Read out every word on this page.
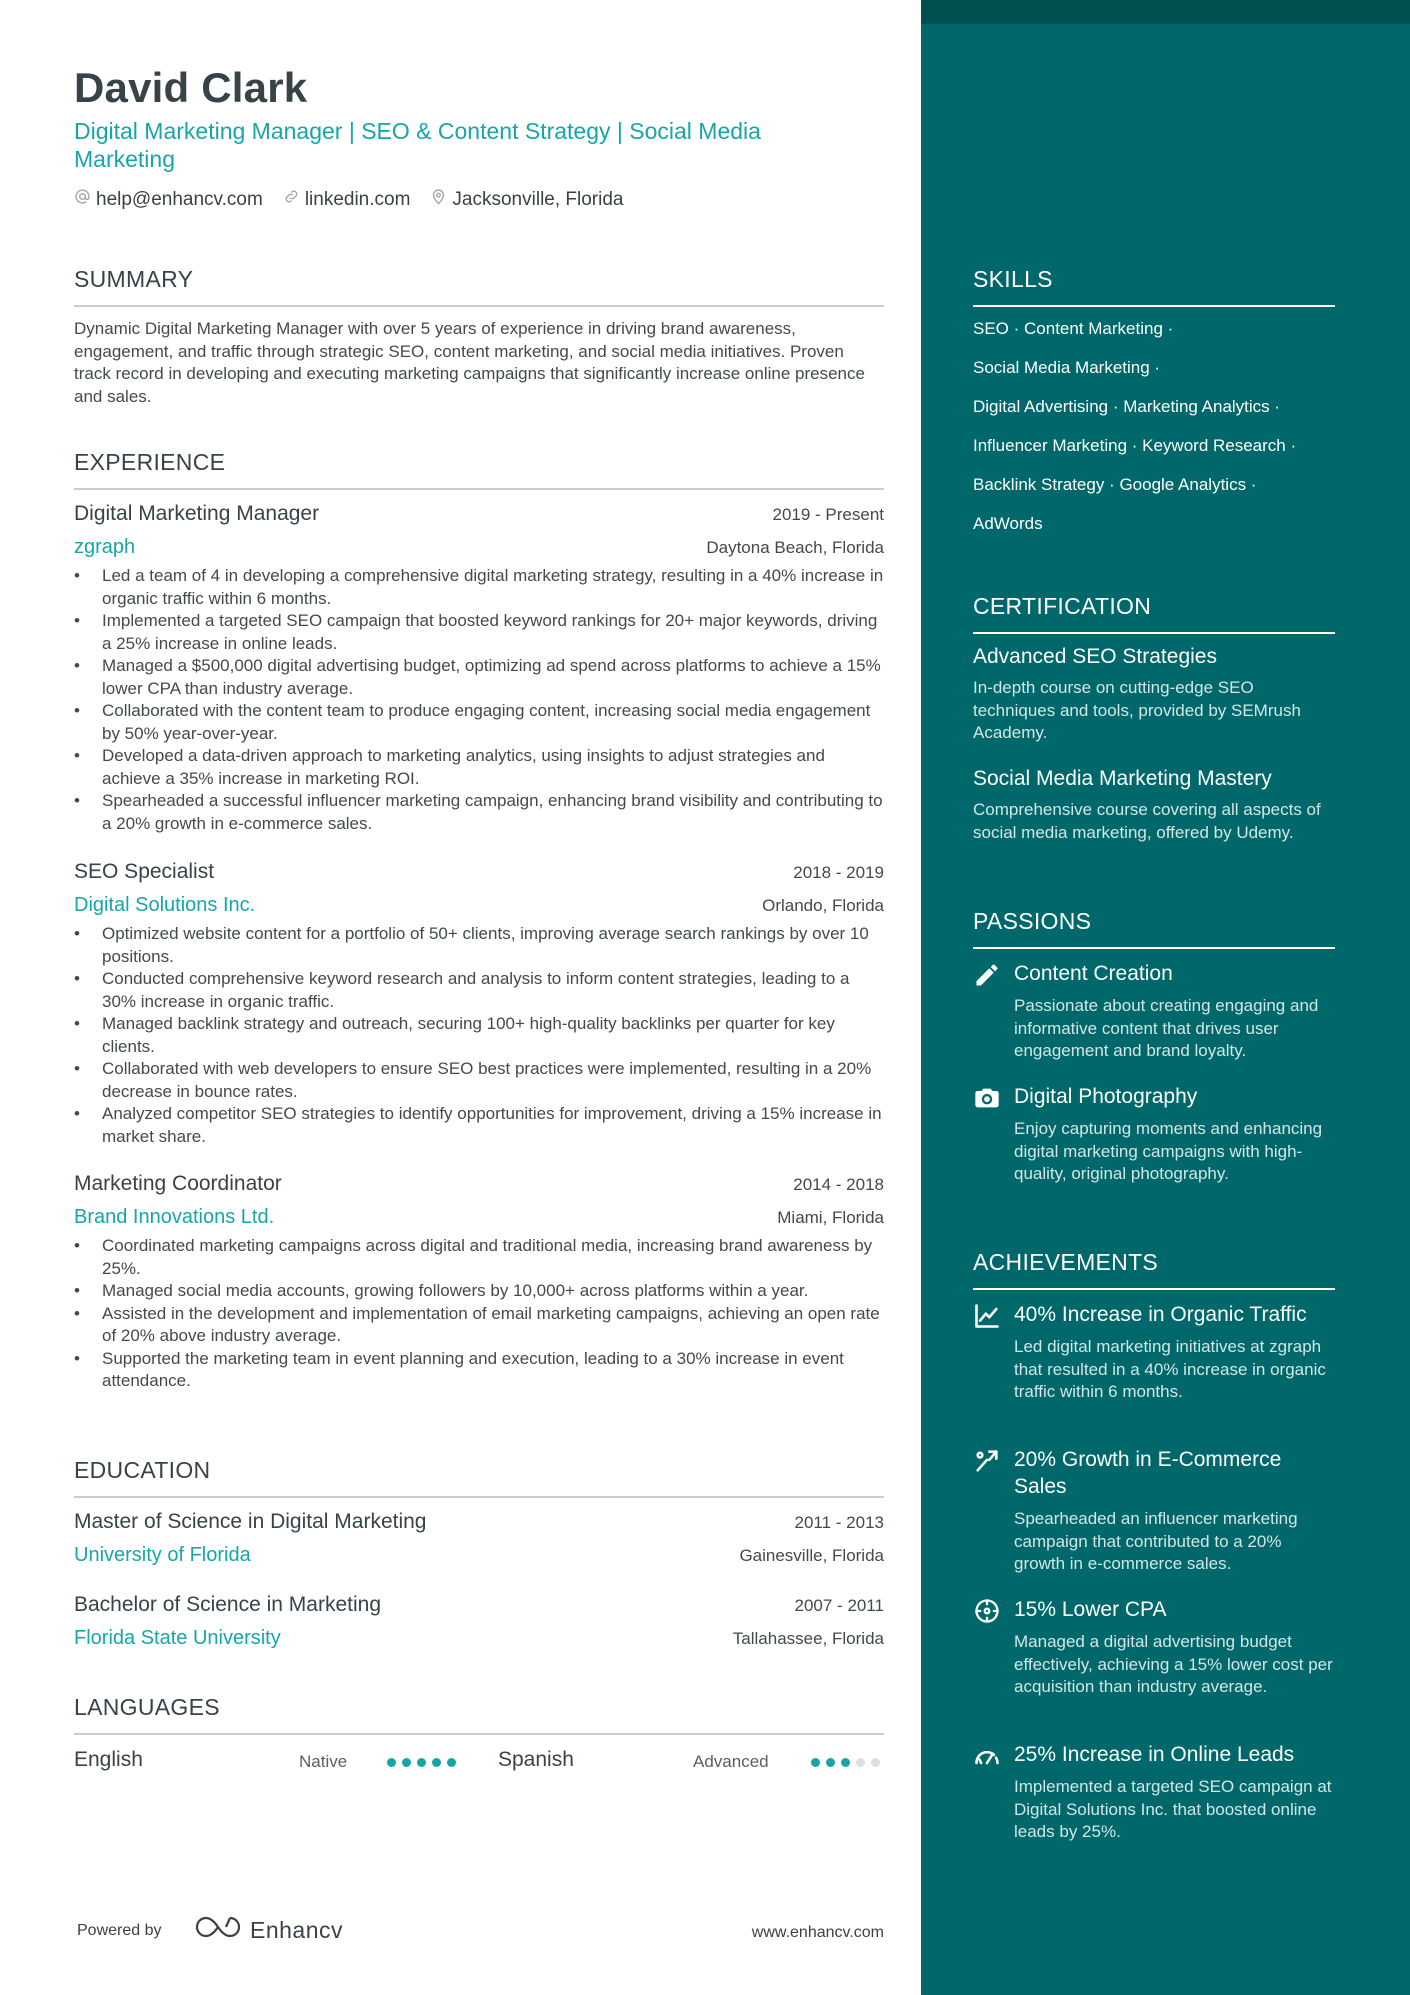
David Clark
Digital Marketing Manager | SEO & Content Strategy | Social Media Marketing
help@enhancv.com linkedin.com Jacksonville, Florida
SUMMARY
Dynamic Digital Marketing Manager with over 5 years of experience in driving brand awareness, engagement, and traffic through strategic SEO, content marketing, and social media initiatives. Proven track record in developing and executing marketing campaigns that significantly increase online presence and sales.
EXPERIENCE
Digital Marketing Manager	2019 - Present
zgraph	Daytona Beach, Florida
• Led a team of 4 in developing a comprehensive digital marketing strategy, resulting in a 40% increase in organic traffic within 6 months.
• Implemented a targeted SEO campaign that boosted keyword rankings for 20+ major keywords, driving a 25% increase in online leads.
• Managed a $500,000 digital advertising budget, optimizing ad spend across platforms to achieve a 15% lower CPA than industry average.
• Collaborated with the content team to produce engaging content, increasing social media engagement by 50% year-over-year.
• Developed a data-driven approach to marketing analytics, using insights to adjust strategies and achieve a 35% increase in marketing ROI.
• Spearheaded a successful influencer marketing campaign, enhancing brand visibility and contributing to a 20% growth in e-commerce sales.
SEO Specialist	2018 - 2019
Digital Solutions Inc.	Orlando, Florida
• Optimized website content for a portfolio of 50+ clients, improving average search rankings by over 10 positions.
• Conducted comprehensive keyword research and analysis to inform content strategies, leading to a 30% increase in organic traffic.
• Managed backlink strategy and outreach, securing 100+ high-quality backlinks per quarter for key clients.
• Collaborated with web developers to ensure SEO best practices were implemented, resulting in a 20% decrease in bounce rates.
• Analyzed competitor SEO strategies to identify opportunities for improvement, driving a 15% increase in market share.
Marketing Coordinator	2014 - 2018
Brand Innovations Ltd.	Miami, Florida
• Coordinated marketing campaigns across digital and traditional media, increasing brand awareness by 25%.
• Managed social media accounts, growing followers by 10,000+ across platforms within a year.
• Assisted in the development and implementation of email marketing campaigns, achieving an open rate of 20% above industry average.
• Supported the marketing team in event planning and execution, leading to a 30% increase in event attendance.
EDUCATION
Master of Science in Digital Marketing	2011 - 2013
University of Florida	Gainesville, Florida
Bachelor of Science in Marketing	2007 - 2011
Florida State University	Tallahassee, Florida
LANGUAGES
English	Native	Spanish	Advanced
Powered by	Enhancv	www.enhancv.com
SKILLS
SEO · Content Marketing ·
Social Media Marketing ·
Digital Advertising · Marketing Analytics ·
Influencer Marketing · Keyword Research ·
Backlink Strategy · Google Analytics ·
AdWords
CERTIFICATION
Advanced SEO Strategies
In-depth course on cutting-edge SEO techniques and tools, provided by SEMrush Academy.
Social Media Marketing Mastery
Comprehensive course covering all aspects of social media marketing, offered by Udemy.
PASSIONS
Content Creation
Passionate about creating engaging and informative content that drives user engagement and brand loyalty.
Digital Photography
Enjoy capturing moments and enhancing digital marketing campaigns with high-quality, original photography.
ACHIEVEMENTS
40% Increase in Organic Traffic
Led digital marketing initiatives at zgraph that resulted in a 40% increase in organic traffic within 6 months.
20% Growth in E-Commerce Sales
Spearheaded an influencer marketing campaign that contributed to a 20% growth in e-commerce sales.
15% Lower CPA
Managed a digital advertising budget effectively, achieving a 15% lower cost per acquisition than industry average.
25% Increase in Online Leads
Implemented a targeted SEO campaign at Digital Solutions Inc. that boosted online leads by 25%.
